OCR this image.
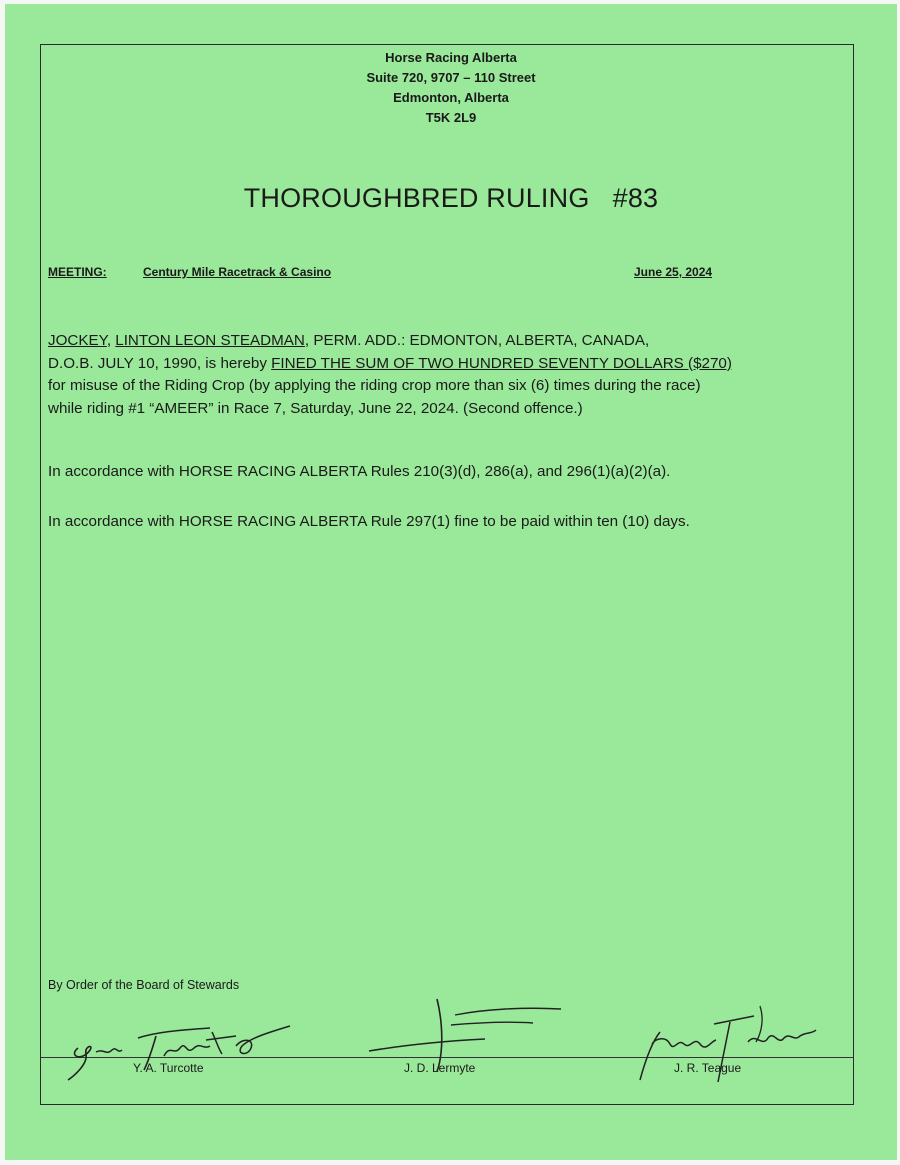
Horse Racing Alberta
Suite 720, 9707 – 110 Street
Edmonton, Alberta
T5K 2L9
THOROUGHBRED RULING   #83
MEETING:	Century Mile Racetrack & Casino	June 25, 2024
JOCKEY, LINTON LEON STEADMAN, PERM. ADD.: EDMONTON, ALBERTA, CANADA,
D.O.B. JULY 10, 1990, is hereby FINED THE SUM OF TWO HUNDRED SEVENTY DOLLARS ($270)
for misuse of the Riding Crop (by applying the riding crop more than six (6) times during the race)
while riding #1 “AMEER” in Race 7, Saturday, June 22, 2024. (Second offence.)
In accordance with HORSE RACING ALBERTA Rules 210(3)(d), 286(a), and 296(1)(a)(2)(a).
In accordance with HORSE RACING ALBERTA Rule 297(1) fine to be paid within ten (10) days.
By Order of the Board of Stewards
Y. A. Turcotte	J. D. Lermyte	J. R. Teague
